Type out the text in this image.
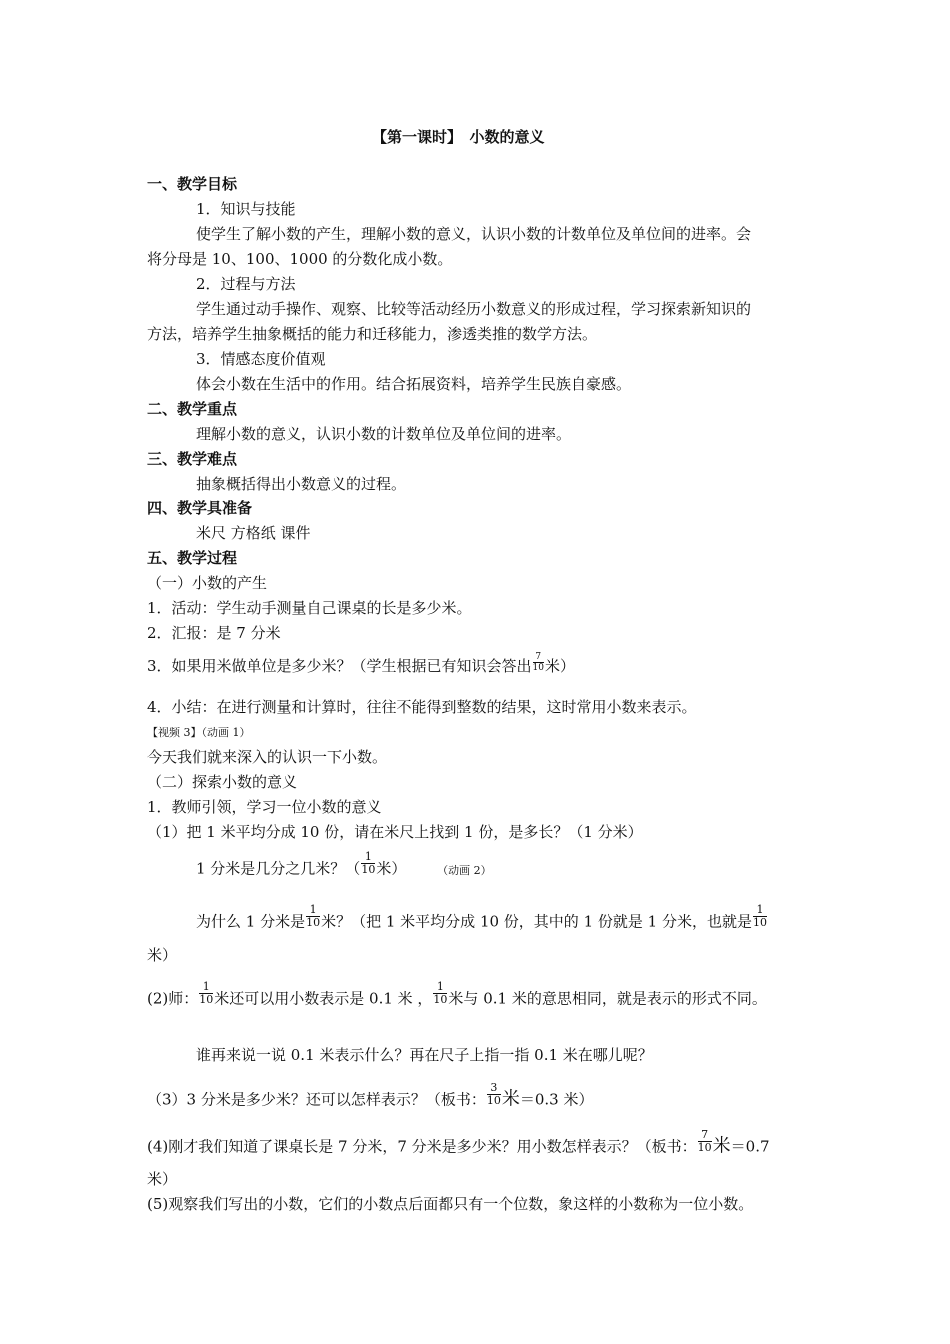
【第一课时】　小数的意义
一、教学目标
1．知识与技能
使学生了解小数的产生，理解小数的意义，认识小数的计数单位及单位间的进率。会
将分母是 10、100、1000 的分数化成小数。
2．过程与方法
学生通过动手操作、观察、比较等活动经历小数意义的形成过程，学习探索新知识的
方法，培养学生抽象概括的能力和迁移能力，渗透类推的数学方法。
3．情感态度价值观
体会小数在生活中的作用。结合拓展资料，培养学生民族自豪感。
二、教学重点
理解小数的意义，认识小数的计数单位及单位间的进率。
三、教学难点
抽象概括得出小数意义的过程。
四、教学具准备
米尺 方格纸 课件
五、教学过程
（一）小数的产生
1．活动：学生动手测量自己课桌的长是多少米。
2．汇报：是 7 分米
3．如果用米做单位是多少米？（学生根据已有知识会答出 $\frac{7}{10}$ 米）
4．小结：在进行测量和计算时，往往不能得到整数的结果，这时常用小数来表示。
【视频 3】（动画 1）
今天我们就来深入的认识一下小数。
（二）探索小数的意义
1．教师引领，学习一位小数的意义
（1）把 1 米平均分成 10 份，请在米尺上找到 1 份，是多长？（1 分米）
1 分米是几分之几米？（ $\frac{1}{10}$ 米）	（动画 2）
为什么 1 分米是 $\frac{1}{10}$ 米？（把 1 米平均分成 10 份，其中的 1 份就是 1 分米，也就是 $\frac{1}{10}$
米）
(2)师： $\frac{1}{10}$ 米还可以用小数表示是 0.1 米 ， $\frac{1}{10}$ 米与 0.1 米的意思相同，就是表示的形式不同。
谁再来说一说 0.1 米表示什么？再在尺子上指一指 0.1 米在哪儿呢？
（3）3 分米是多少米？还可以怎样表示？（板书： $\frac{3}{10}$ 米＝0.3 米）
(4)刚才我们知道了课桌长是 7 分米，7 分米是多少米？用小数怎样表示？（板书： $\frac{7}{10}$ 米＝0.7
米）
(5)观察我们写出的小数，它们的小数点后面都只有一个位数，象这样的小数称为一位小数。
